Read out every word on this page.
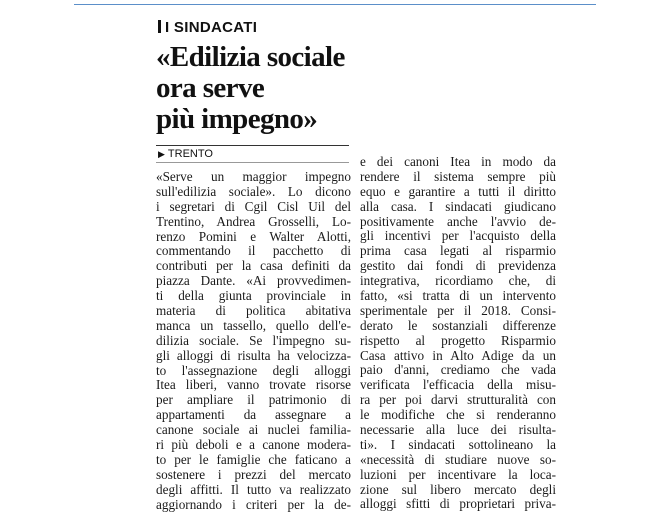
I SINDACATI
«Edilizia sociale
ora serve
più impegno»
▶ TRENTO
«Serve un maggior impegno
sull'edilizia sociale». Lo dicono
i segretari di Cgil Cisl Uil del
Trentino, Andrea Grosselli, Lo-
renzo Pomini e Walter Alotti,
commentando il pacchetto di
contributi per la casa definiti da
piazza Dante. «Ai provvedimen-
ti della giunta provinciale in
materia di politica abitativa
manca un tassello, quello dell'e-
dilizia sociale. Se l'impegno su-
gli alloggi di risulta ha velocizza-
to l'assegnazione degli alloggi
Itea liberi, vanno trovate risorse
per ampliare il patrimonio di
appartamenti da assegnare a
canone sociale ai nuclei familia-
ri più deboli e a canone modera-
to per le famiglie che faticano a
sostenere i prezzi del mercato
degli affitti. Il tutto va realizzato
aggiornando i criteri per la de-
e dei canoni Itea in modo da
rendere il sistema sempre più
equo e garantire a tutti il diritto
alla casa. I sindacati giudicano
positivamente anche l'avvio de-
gli incentivi per l'acquisto della
prima casa legati al risparmio
gestito dai fondi di previdenza
integrativa, ricordiamo che, di
fatto, «si tratta di un intervento
sperimentale per il 2018. Consi-
derato le sostanziali differenze
rispetto al progetto Risparmio
Casa attivo in Alto Adige da un
paio d'anni, crediamo che vada
verificata l'efficacia della misu-
ra per poi darvi strutturalità con
le modifiche che si renderanno
necessarie alla luce dei risulta-
ti». I sindacati sottolineano la
«necessità di studiare nuove so-
luzioni per incentivare la loca-
zione sul libero mercato degli
alloggi sfitti di proprietari priva-
